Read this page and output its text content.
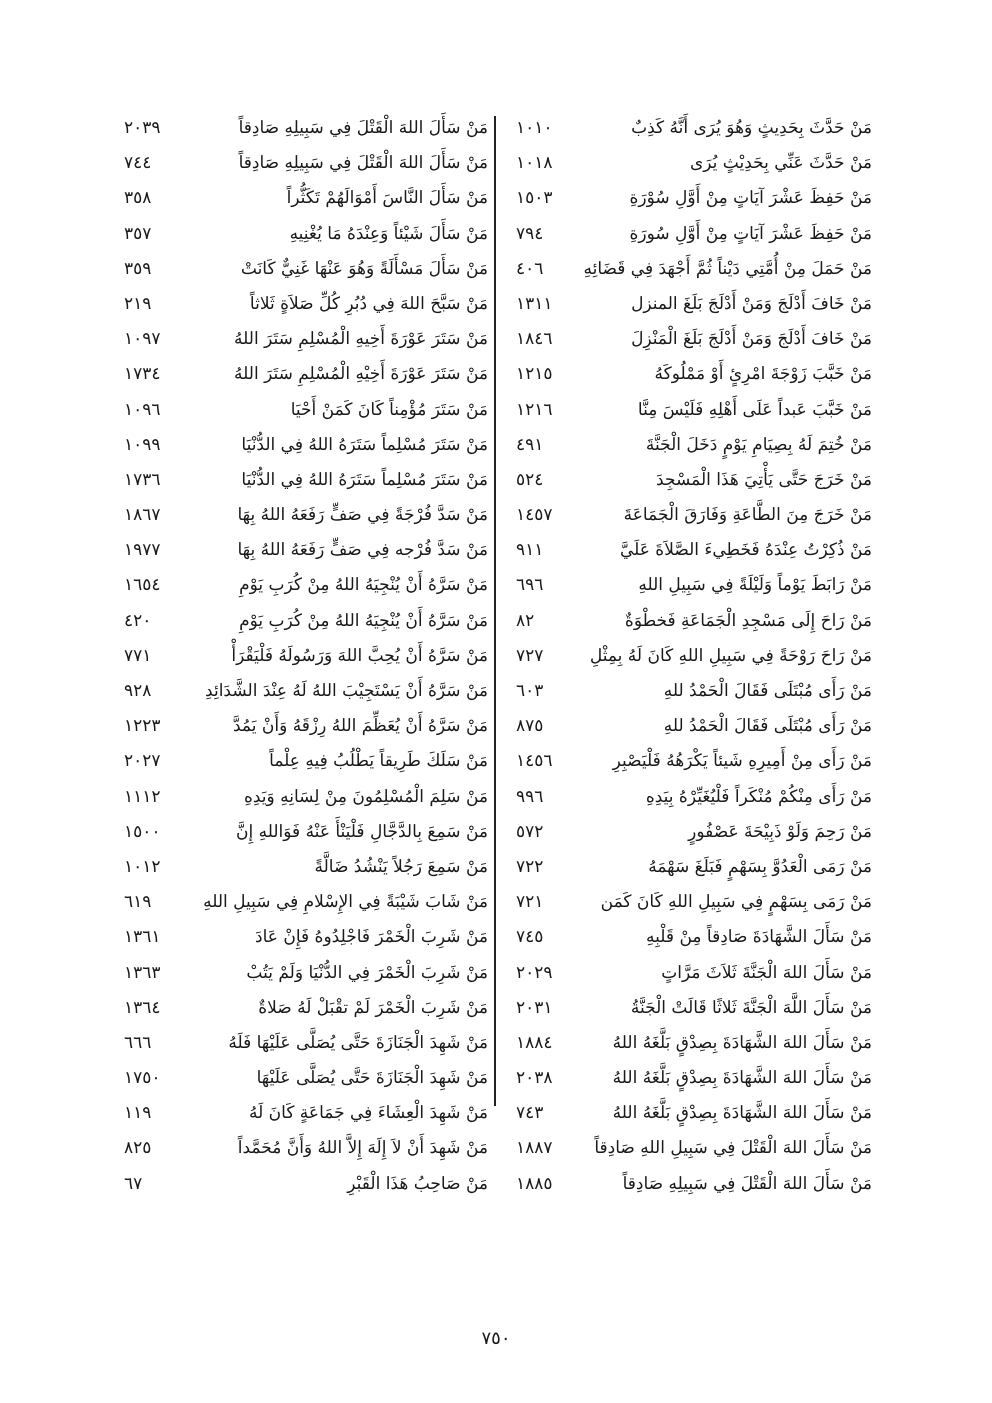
مَنْ حَدَّثَ بِحَدِيثٍ وَهُوَ يُرَى أَنَّهُ كَذِبٌ
١٠١٠
مَنْ حَدَّثَ عَنِّي بِحَدِيْثٍ يُرَى
١٠١٨
مَنْ حَفِظَ عَشْرَ آيَاتٍ مِنْ أَوَّلِ سُوْرَةِ
١٥٠٣
مَنْ حَفِظَ عَشْرَ آيَاتٍ مِنْ أَوَّلِ سُورَةِ
٧٩٤
مَنْ حَمَلَ مِنْ أُمَّتِي دَيْناً ثُمَّ أَجْهَدَ فِي قَضَائِهِ
٤٠٦
مَنْ خَافَ أَدْلَجَ وَمَنْ أَدْلَجَ بَلَغَ المنزل
١٣١١
مَنْ خَافَ أَدْلَجَ وَمَنْ أَدْلَجَ بَلَغَ الْمَنْزِلَ
١٨٤٦
مَنْ خَبَّبَ زَوْجَةَ امْرِئٍ أَوْ مَمْلُوكَهُ
١٢١٥
مَنْ خَبَّبَ عَبداً عَلَى أَهْلِهِ فَلَيْسَ مِنَّا
١٢١٦
مَنْ خُتِمَ لَهُ بِصِيَامِ يَوْمٍ دَخَلَ الْجَنَّةَ
٤٩١
مَنْ خَرَجَ حَتَّى يَأْتِيَ هَذَا الْمَسْجِدَ
٥٢٤
مَنْ خَرَجَ مِنَ الطَّاعَةِ وَفَارَقَ الْجَمَاعَةَ
١٤٥٧
مَنْ ذُكِرْتُ عِنْدَهُ فَخَطِيءَ الصَّلاَةَ عَلَيَّ
٩١١
مَنْ رَابَطَ يَوْماً وَلَيْلَةً فِي سَبِيلِ اللهِ
٦٩٦
مَنْ رَاحَ إِلَى مَسْجِدِ الْجَمَاعَةِ فَخطْوَةٌ
٨٢
مَنْ رَاحَ رَوْحَةً فِي سَبِيلِ اللهِ كَانَ لَهُ بِمِثْلِ
٧٢٧
مَنْ رَأَى مُبْتَلَى فَقَالَ الْحَمْدُ للهِ
٦٠٣
مَنْ رَأَى مُبْتَلَى فَقَالَ الْحَمْدُ للهِ
٨٧٥
مَنْ رَأَى مِنْ أَمِيرِهِ شَيئاً يَكْرَهُهُ فَلْيَصْبِرِ
١٤٥٦
مَنْ رَأَى مِنْكُمْ مُنْكَراً فَلْيُغَيِّرْهُ بِيَدِهِ
٩٩٦
مَنْ رَحِمَ وَلَوْ ذَبِيْحَةَ عَصْفُورٍ
٥٧٢
مَنْ رَمَى الْعَدُوَّ بِسَهْمٍ فَبَلَغَ سَهْمَهُ
٧٢٢
مَنْ رَمَى بِسَهْمٍ فِي سَبِيلِ اللهِ كَانَ كَمَن
٧٢١
مَنْ سَأَلَ الشَّهَادَةَ صَادِقاً مِنْ قَلْبِهِ
٧٤٥
مَنْ سَأَلَ اللهَ الْجَنَّةَ ثَلاَثَ مَرَّاتٍ
٢٠٢٩
مَنْ سَأَلَ اللَّهَ الْجَنَّةَ ثَلاثًا قَالَتْ الْجَنَّةُ
٢٠٣١
مَنْ سَأَلَ اللهَ الشَّهَادَةَ بِصِدْقٍ بَلَّغَهُ اللهُ
١٨٨٤
مَنْ سَأَلَ اللهَ الشَّهَادَةَ بِصِدْقٍ بَلَّغَهُ اللهُ
٢٠٣٨
مَنْ سَأَلَ اللهَ الشَّهَادَةَ بِصِدْقٍ بَلَّغَهُ اللهُ
٧٤٣
مَنْ سَأَلَ اللهَ الْقَتْلَ فِي سَبِيلِ اللهِ صَادِقاً
١٨٨٧
مَنْ سَأَلَ اللهَ الْقَتْلَ فِي سَبِيلِهِ صَادِقاً
١٨٨٥
مَنْ سَأَلَ اللهَ الْقَتْلَ فِي سَبِيلِهِ صَادِقاً
٢٠٣٩
مَنْ سَأَلَ اللهَ الْقَتْلَ فِي سَبِيلِهِ صَادِقاً
٧٤٤
مَنْ سَأَلَ النَّاسَ أَمْوَالَهُمْ تَكَثُّراً
٣٥٨
مَنْ سَأَلَ شَيْئاً وَعِنْدَهُ مَا يُغْنِيهِ
٣٥٧
مَنْ سَأَلَ مَسْأَلَةً وَهُوَ عَنْهَا غَنِيٌّ كَانَتْ
٣٥٩
مَنْ سَبَّحَ اللهَ فِي دُبُرِ كُلِّ صَلاَةٍ ثَلاثاً
٢١٩
مَنْ سَتَرَ عَوْرَةَ أَخِيهِ الْمُسْلِمِ سَتَرَ اللهُ
١٠٩٧
مَنْ سَتَرَ عَوْرَةَ أَخِيْهِ الْمُسْلِمِ سَتَرَ اللهُ
١٧٣٤
مَنْ سَتَرَ مُؤْمِناً كَانَ كَمَنْ أَحْيَا
١٠٩٦
مَنْ سَتَرَ مُسْلِماً سَتَرَهُ اللهُ فِي الدُّنْيَا
١٠٩٩
مَنْ سَتَرَ مُسْلِماً سَتَرَهُ اللهُ فِي الدُّنْيَا
١٧٣٦
مَنْ سَدَّ فُرْجَةً فِي صَفٍّ رَفَعَهُ اللهُ بِهَا
١٨٦٧
مَنْ سَدَّ فُرْجه فِي صَفٍّ رَفَعَهُ اللهُ بِهَا
١٩٧٧
مَنْ سَرَّهُ أَنْ يُنْجِيَهُ اللهُ مِنْ كُرَبِ يَوْمِ
١٦٥٤
مَنْ سَرَّهُ أَنْ يُنْجِيَهُ اللهُ مِنْ كُرَبِ يَوْمِ
٤٢٠
مَنْ سَرَّهُ أَنْ يُحِبَّ اللهَ وَرَسُولَهُ فَلْيَقْرَأْ
٧٧١
مَنْ سَرَّهُ أَنْ يَسْتَجِيْبَ اللهُ لَهُ عِنْدَ الشَّدَائِدِ
٩٢٨
مَنْ سَرَّهُ أَنْ يُعَظِّمَ اللهُ رِزْقَهُ وَأَنْ يَمُدَّ
١٢٢٣
مَنْ سَلَكَ طَرِيقاً يَطْلُبُ فِيهِ عِلْماً
٢٠٢٧
مَنْ سَلِمَ الْمُسْلِمُونَ مِنْ لِسَانِهِ وَيَدِهِ
١١١٢
مَنْ سَمِعَ بِالدَّجَّالِ فَلْيَنْأَ عَنْهُ فَوَاللهِ إِنَّ
١٥٠٠
مَنْ سَمِعَ رَجُلاً يَنْشُدُ ضَالَّةً
١٠١٢
مَنْ شَابَ شَيْبَةً فِي الإِسْلامِ فِي سَبِيلِ اللهِ
٦١٩
مَنْ شَرِبَ الْخَمْرَ فَاجْلِدُوهُ فَإِنْ عَادَ
١٣٦١
مَنْ شَرِبَ الْخَمْرَ فِي الدُّنْيَا وَلَمْ يَتُبْ
١٣٦٣
مَنْ شَرِبَ الْخَمْرَ لَمْ تقْبَلْ لَهُ صَلاةٌ
١٣٦٤
مَنْ شَهِدَ الْجَنَازَةَ حَتَّى يُصَلَّى عَلَيْهَا فَلَهُ
٦٦٦
مَنْ شَهِدَ الْجَنَازَةَ حَتَّى يُصَلَّى عَلَيْهَا
١٧٥٠
مَنْ شَهِدَ الْعِشَاءَ فِي جَمَاعَةٍ كَانَ لَهُ
١١٩
مَنْ شَهِدَ أَنْ لاَ إِلَهَ إِلاَّ اللهُ وَأَنَّ مُحَمَّداً
٨٢٥
مَنْ صَاحِبُ هَذَا الْقَبْرِ
٦٧
٧٥٠
